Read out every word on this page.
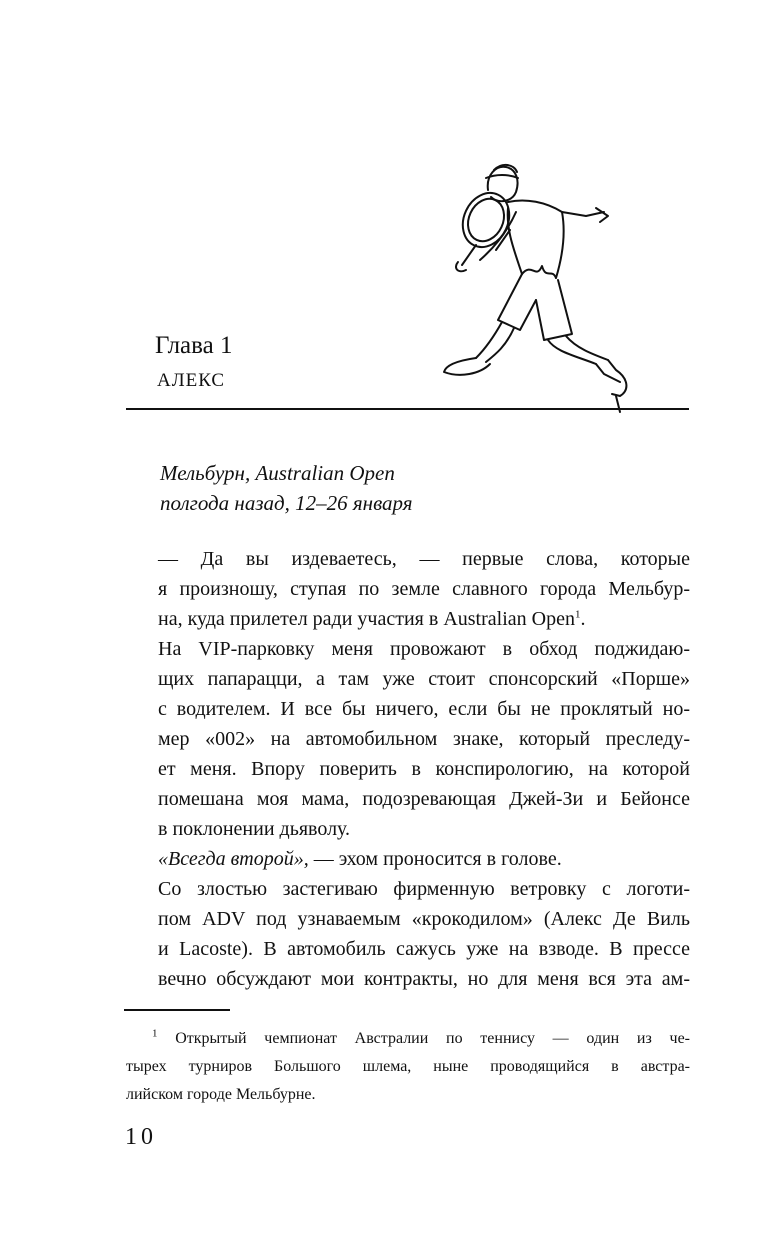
Глава 1
АЛЕКС
Мельбурн, Australian Open
полгода назад, 12–26 января

— Да вы издеваетесь, — первые слова, которые
я произношу, ступая по земле славного города Мельбур-
на, куда прилетел ради участия в Australian Open$^1$.

На VIP-парковку меня провожают в обход поджидаю-
щих папарацци, а там уже стоит спонсорский «Порше»
с водителем. И все бы ничего, если бы не проклятый но-
мер «002» на автомобильном знаке, который преследу-
ет меня. Впору поверить в конспирологию, на которой
помешана моя мама, подозревающая Джей-Зи и Бейонсе
в поклонении дьяволу.

«Всегда второй», — эхом проносится в голове.

Со злостью застегиваю фирменную ветровку с логоти-
пом ADV под узнаваемым «крокодилом» (Алекс Де Виль
и Lacoste). В автомобиль сажусь уже на взводе. В прессе
вечно обсуждают мои контракты, но для меня вся эта ам-

$^1$ Открытый чемпионат Австралии по теннису — один из че-
тырех турниров Большого шлема, ныне проводящийся в австра-
лийском городе Мельбурне.
10
